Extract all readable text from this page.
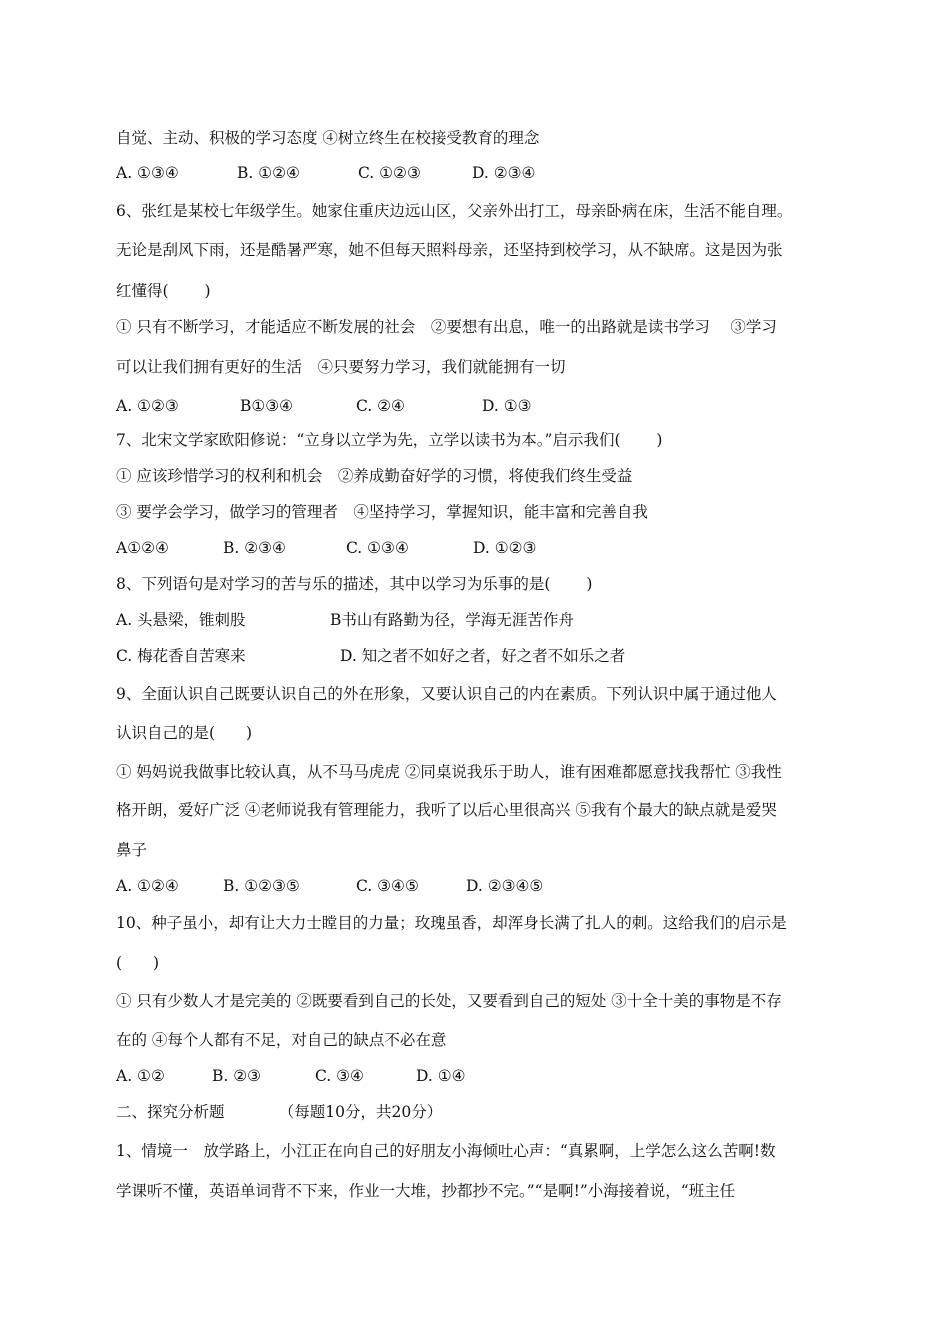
自觉、主动、积极的学习态度 ④树立终生在校接受教育的理念

A. ①③④

	B. ①②④

	C. ①②③

	D. ②③④

6、张红是某校七年级学生。她家住重庆边远山区，父亲外出打工，母亲卧病在床，生活不能自理。
无论是刮风下雨，还是酷暑严寒，她不但每天照料母亲，还坚持到校学习，从不缺席。这是因为张
红懂得(　　 )
① 只有不断学习，才能适应不断发展的社会　②要想有出息，唯一的出路就是读书学习　 ③学习
可以让我们拥有更好的生活　④只要努力学习，我们就能拥有一切

A. ①②③

	B①③④

	C. ②④

	D. ①③

7、北宋文学家欧阳修说：“立身以立学为先，立学以读书为本。”启示我们(　　 )
① 应该珍惜学习的权利和机会　②养成勤奋好学的习惯，将使我们终生受益
③ 要学会学习，做学习的管理者　④坚持学习，掌握知识，能丰富和完善自我

A①②④

	B. ②③④

	C. ①③④

	D. ①②③

8、下列语句是对学习的苦与乐的描述，其中以学习为乐事的是(　　 )

A. 头悬梁，锥刺股

	B书山有路勤为径，学海无涯苦作舟

C. 梅花香自苦寒来

	D. 知之者不如好之者，好之者不如乐之者

9、全面认识自己既要认识自己的外在形象，又要认识自己的内在素质。下列认识中属于通过他人
认识自己的是(　　)
① 妈妈说我做事比较认真，从不马马虎虎 ②同桌说我乐于助人，谁有困难都愿意找我帮忙 ③我性
格开朗，爱好广泛 ④老师说我有管理能力，我听了以后心里很高兴 ⑤我有个最大的缺点就是爱哭
鼻子

A. ①②④

	B. ①②③⑤

	C. ③④⑤

	D. ②③④⑤

10、种子虽小，却有让大力士瞠目的力量；玫瑰虽香，却浑身长满了扎人的刺。这给我们的启示是
(　　)
① 只有少数人才是完美的 ②既要看到自己的长处，又要看到自己的短处 ③十全十美的事物是不存
在的 ④每个人都有不足，对自己的缺点不必在意

A. ①②

	B. ②③

	C. ③④

	D. ①④

二、探究分析题　　　　（每题10分，共20分）
1、情境一　放学路上，小江正在向自己的好朋友小海倾吐心声：“真累啊，上学怎么这么苦啊!数
学课听不懂，英语单词背不下来，作业一大堆，抄都抄不完。”“是啊!”小海接着说，“班主任
